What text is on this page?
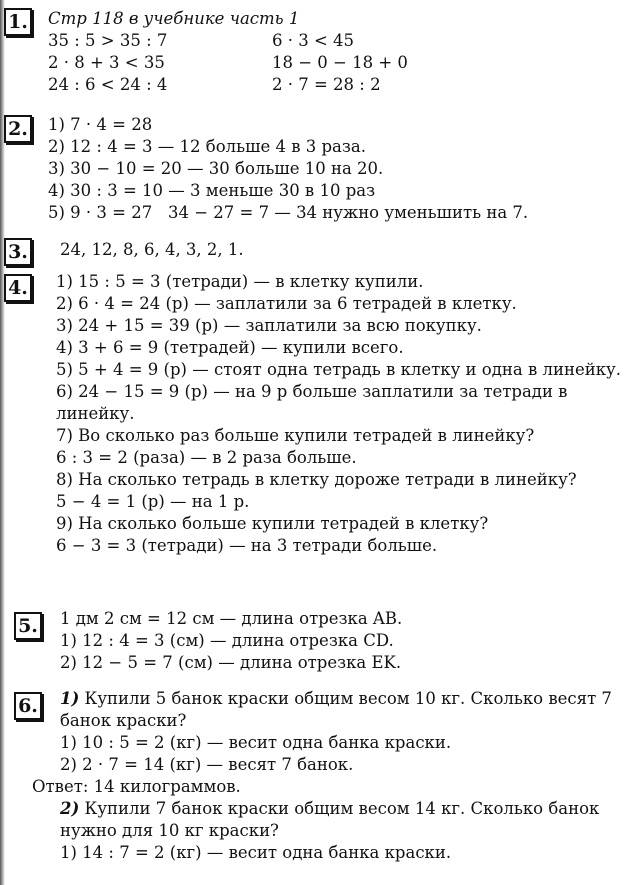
1. Стр 118 в учебнике часть 1
35 : 5 > 35 : 7
2 · 8 + 3 < 35
24 : 6 < 24 : 4
6 · 3 < 45
18 − 0 − 18 + 0
2 · 7 = 28 : 2
2. 1) 7 · 4 = 28
2) 12 : 4 = 3 — 12 больше 4 в 3 раза.
3) 30 − 10 = 20 — 30 больше 10 на 20.
4) 30 : 3 = 10 — 3 меньше 30 в 10 раз
5) 9 · 3 = 27   34 − 27 = 7 — 34 нужно уменьшить на 7.
3. 24, 12, 8, 6, 4, 3, 2, 1.
4. 1) 15 : 5 = 3 (тетради) — в клетку купили.
2) 6 · 4 = 24 (р) — заплатили за 6 тетрадей в клетку.
3) 24 + 15 = 39 (р) — заплатили за всю покупку.
4) 3 + 6 = 9 (тетрадей) — купили всего.
5) 5 + 4 = 9 (р) — стоят одна тетрадь в клетку и одна в линейку.
6) 24 − 15 = 9 (р) — на 9 р больше заплатили за тетради в линейку.
7) Во сколько раз больше купили тетрадей в линейку?
6 : 3 = 2 (раза) — в 2 раза больше.
8) На сколько тетрадь в клетку дороже тетради в линейку?
5 − 4 = 1 (р) — на 1 р.
9) На сколько больше купили тетрадей в клетку?
6 − 3 = 3 (тетради) — на 3 тетради больше.
5. 1 дм 2 см = 12 см — длина отрезка AB.
1) 12 : 4 = 3 (см) — длина отрезка CD.
2) 12 − 5 = 7 (см) — длина отрезка EK.
6. 1) Купили 5 банок краски общим весом 10 кг. Сколько весят 7 банок краски?
1) 10 : 5 = 2 (кг) — весит одна банка краски.
2) 2 · 7 = 14 (кг) — весят 7 банок.
Ответ: 14 килограммов.
2) Купили 7 банок краски общим весом 14 кг. Сколько банок нужно для 10 кг краски?
1) 14 : 7 = 2 (кг) — весит одна банка краски.
